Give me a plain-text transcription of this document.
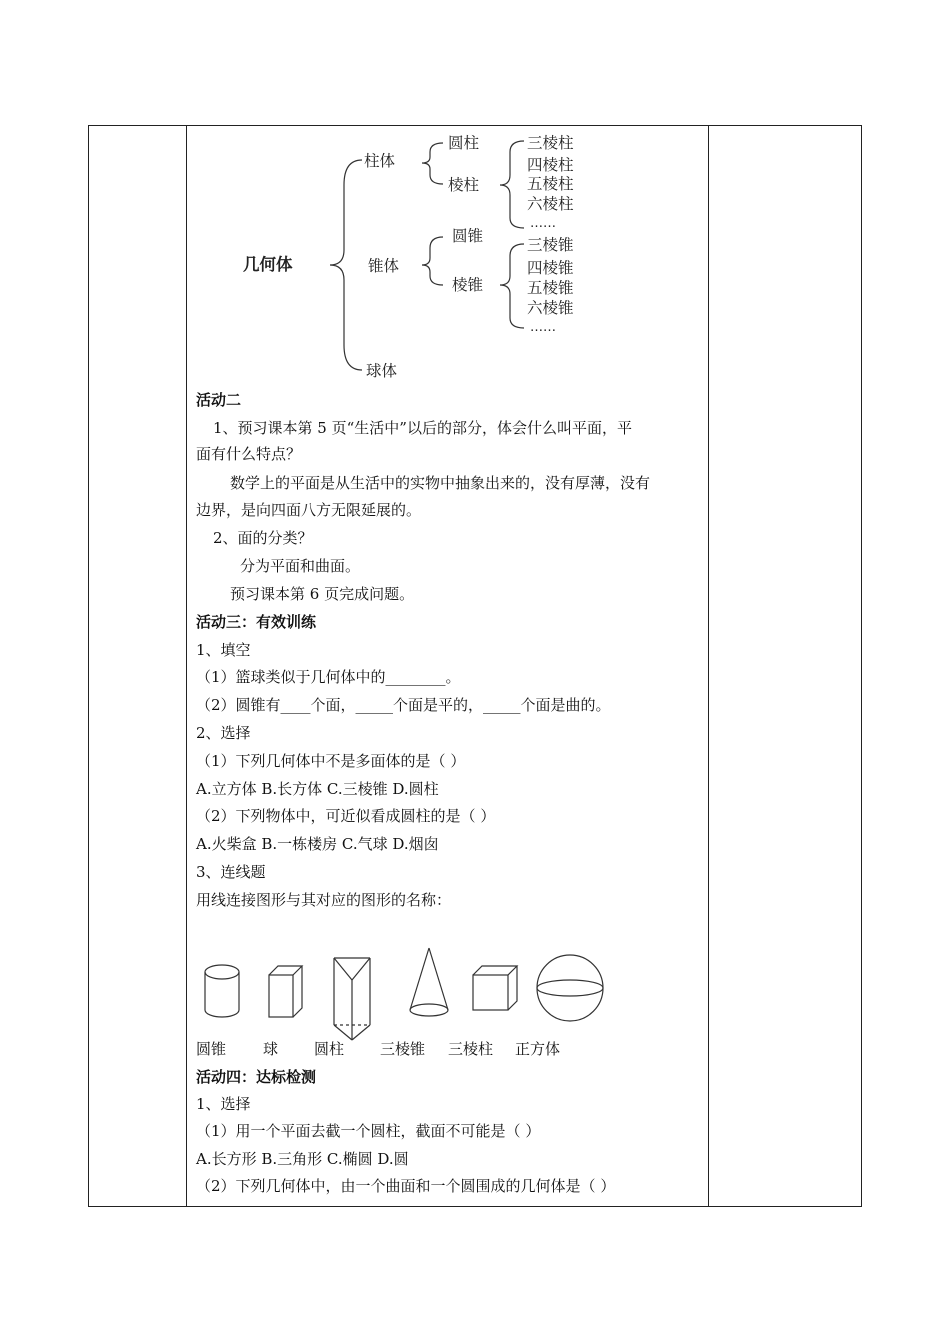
几何体
柱体
锥体
球体
圆柱
棱柱
圆锥
棱锥
三棱柱
四棱柱
五棱柱
六棱柱
……
三棱锥
四棱锥
五棱锥
六棱锥
……
活动二
1、预习课本第 5 页“生活中”以后的部分，体会什么叫平面，平
面有什么特点？
数学上的平面是从生活中的实物中抽象出来的，没有厚薄，没有
边界，是向四面八方无限延展的。
2、面的分类？
分为平面和曲面。
预习课本第 6 页完成问题。
活动三：有效训练
1、填空
（1）篮球类似于几何体中的________。
（2）圆锥有____个面，_____个面是平的，_____个面是曲的。
2、选择
（1）下列几何体中不是多面体的是（ ）
A.立方体 B.长方体 C.三棱锥 D.圆柱
（2）下列物体中，可近似看成圆柱的是（ ）
A.火柴盒 B.一栋楼房 C.气球 D.烟囱
3、连线题
用线连接图形与其对应的图形的名称：
圆锥 球 圆柱 三棱锥 三棱柱 正方体
活动四：达标检测
1、选择
（1）用一个平面去截一个圆柱，截面不可能是（ ）
A.长方形 B.三角形 C.椭圆 D.圆
（2）下列几何体中，由一个曲面和一个圆围成的几何体是（ ）
